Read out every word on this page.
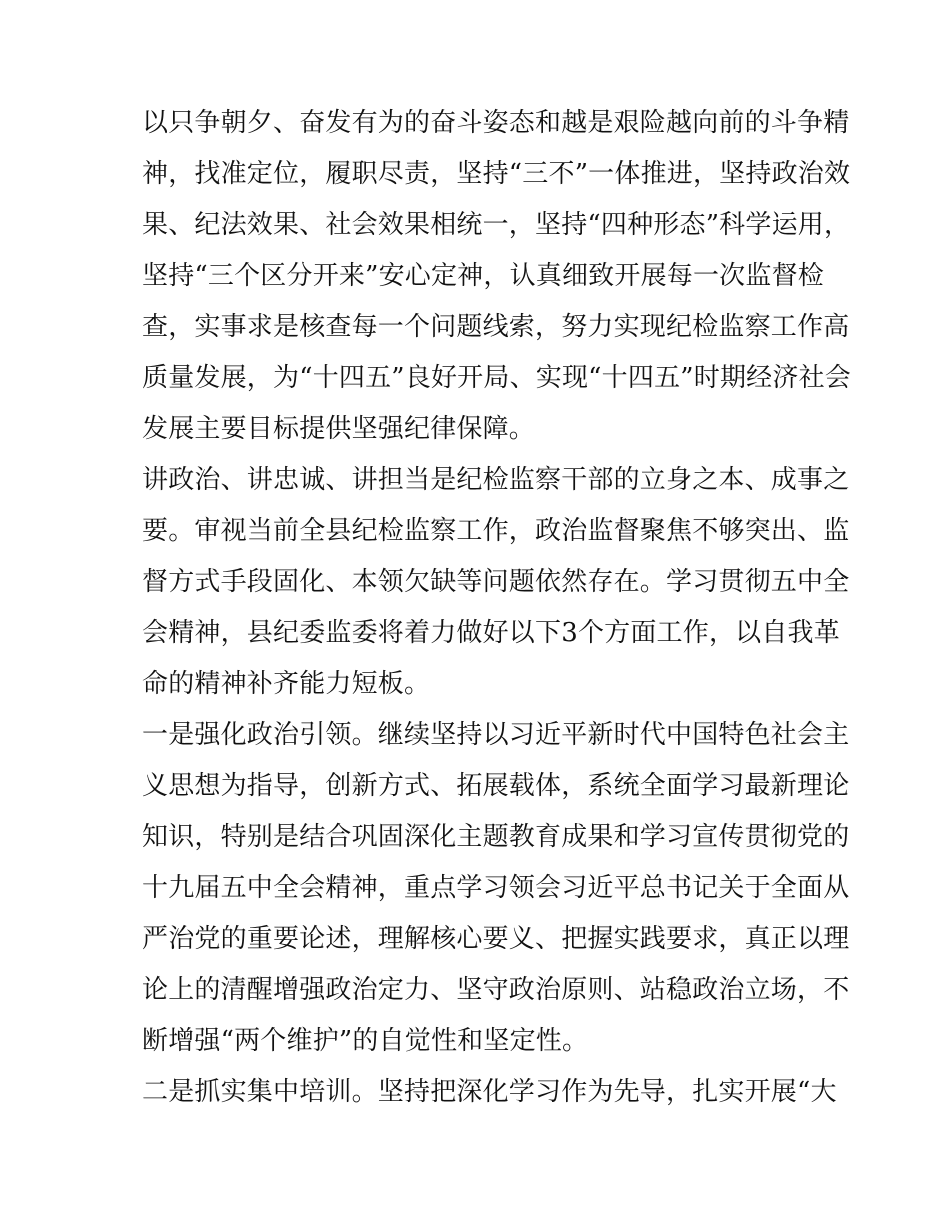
以只争朝夕、奋发有为的奋斗姿态和越是艰险越向前的斗争精
神，找准定位，履职尽责，坚持“三不”一体推进，坚持政治效
果、纪法效果、社会效果相统一，坚持“四种形态”科学运用，
坚持“三个区分开来”安心定神，认真细致开展每一次监督检
查，实事求是核查每一个问题线索，努力实现纪检监察工作高
质量发展，为“十四五”良好开局、实现“十四五”时期经济社会
发展主要目标提供坚强纪律保障。
讲政治、讲忠诚、讲担当是纪检监察干部的立身之本、成事之
要。审视当前全县纪检监察工作，政治监督聚焦不够突出、监
督方式手段固化、本领欠缺等问题依然存在。学习贯彻五中全
会精神，县纪委监委将着力做好以下3个方面工作，以自我革
命的精神补齐能力短板。
一是强化政治引领。继续坚持以习近平新时代中国特色社会主
义思想为指导，创新方式、拓展载体，系统全面学习最新理论
知识，特别是结合巩固深化主题教育成果和学习宣传贯彻党的
十九届五中全会精神，重点学习领会习近平总书记关于全面从
严治党的重要论述，理解核心要义、把握实践要求，真正以理
论上的清醒增强政治定力、坚守政治原则、站稳政治立场，不
断增强“两个维护”的自觉性和坚定性。
二是抓实集中培训。坚持把深化学习作为先导，扎实开展“大
